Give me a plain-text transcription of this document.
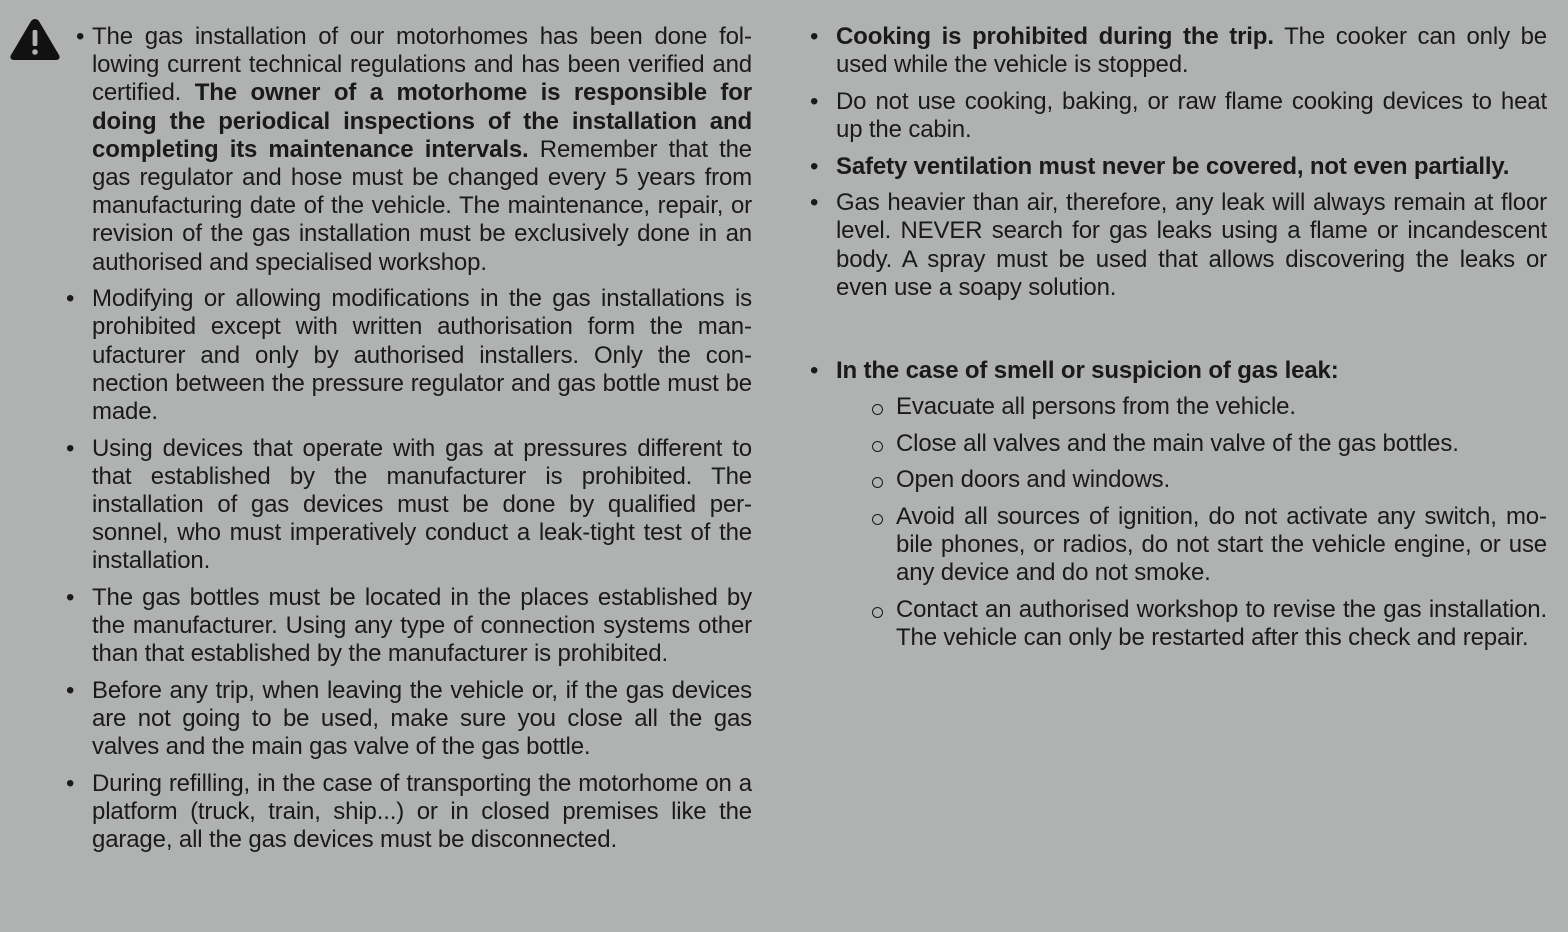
• The gas installation of our motorhomes has been done following current technical regulations and has been verified and certified. The owner of a motorhome is responsible for doing the periodical inspections of the installation and completing its maintenance intervals. Remember that the gas regulator and hose must be changed every 5 years from manufacturing date of the vehicle. The maintenance, repair, or revision of the gas installation must be exclusively done in an authorised and specialised workshop.
• Modifying or allowing modifications in the gas installations is prohibited except with written authorisation form the manufacturer and only by authorised installers. Only the connection between the pressure regulator and gas bottle must be made.
• Using devices that operate with gas at pressures different to that established by the manufacturer is prohibited. The installation of gas devices must be done by qualified personnel, who must imperatively conduct a leak-tight test of the installation.
• The gas bottles must be located in the places established by the manufacturer. Using any type of connection systems other than that established by the manufacturer is prohibited.
• Before any trip, when leaving the vehicle or, if the gas devices are not going to be used, make sure you close all the gas valves and the main gas valve of the gas bottle.
• During refilling, in the case of transporting the motorhome on a platform (truck, train, ship...) or in closed premises like the garage, all the gas devices must be disconnected.
• Cooking is prohibited during the trip. The cooker can only be used while the vehicle is stopped.
• Do not use cooking, baking, or raw flame cooking devices to heat up the cabin.
• Safety ventilation must never be covered, not even partially.
• Gas heavier than air, therefore, any leak will always remain at floor level. NEVER search for gas leaks using a flame or incandescent body. A spray must be used that allows discovering the leaks or even use a soapy solution.
• In the case of smell or suspicion of gas leak:
Evacuate all persons from the vehicle.
Close all valves and the main valve of the gas bottles.
Open doors and windows.
Avoid all sources of ignition, do not activate any switch, mobile phones, or radios, do not start the vehicle engine, or use any device and do not smoke.
Contact an authorised workshop to revise the gas installation. The vehicle can only be restarted after this check and repair.
